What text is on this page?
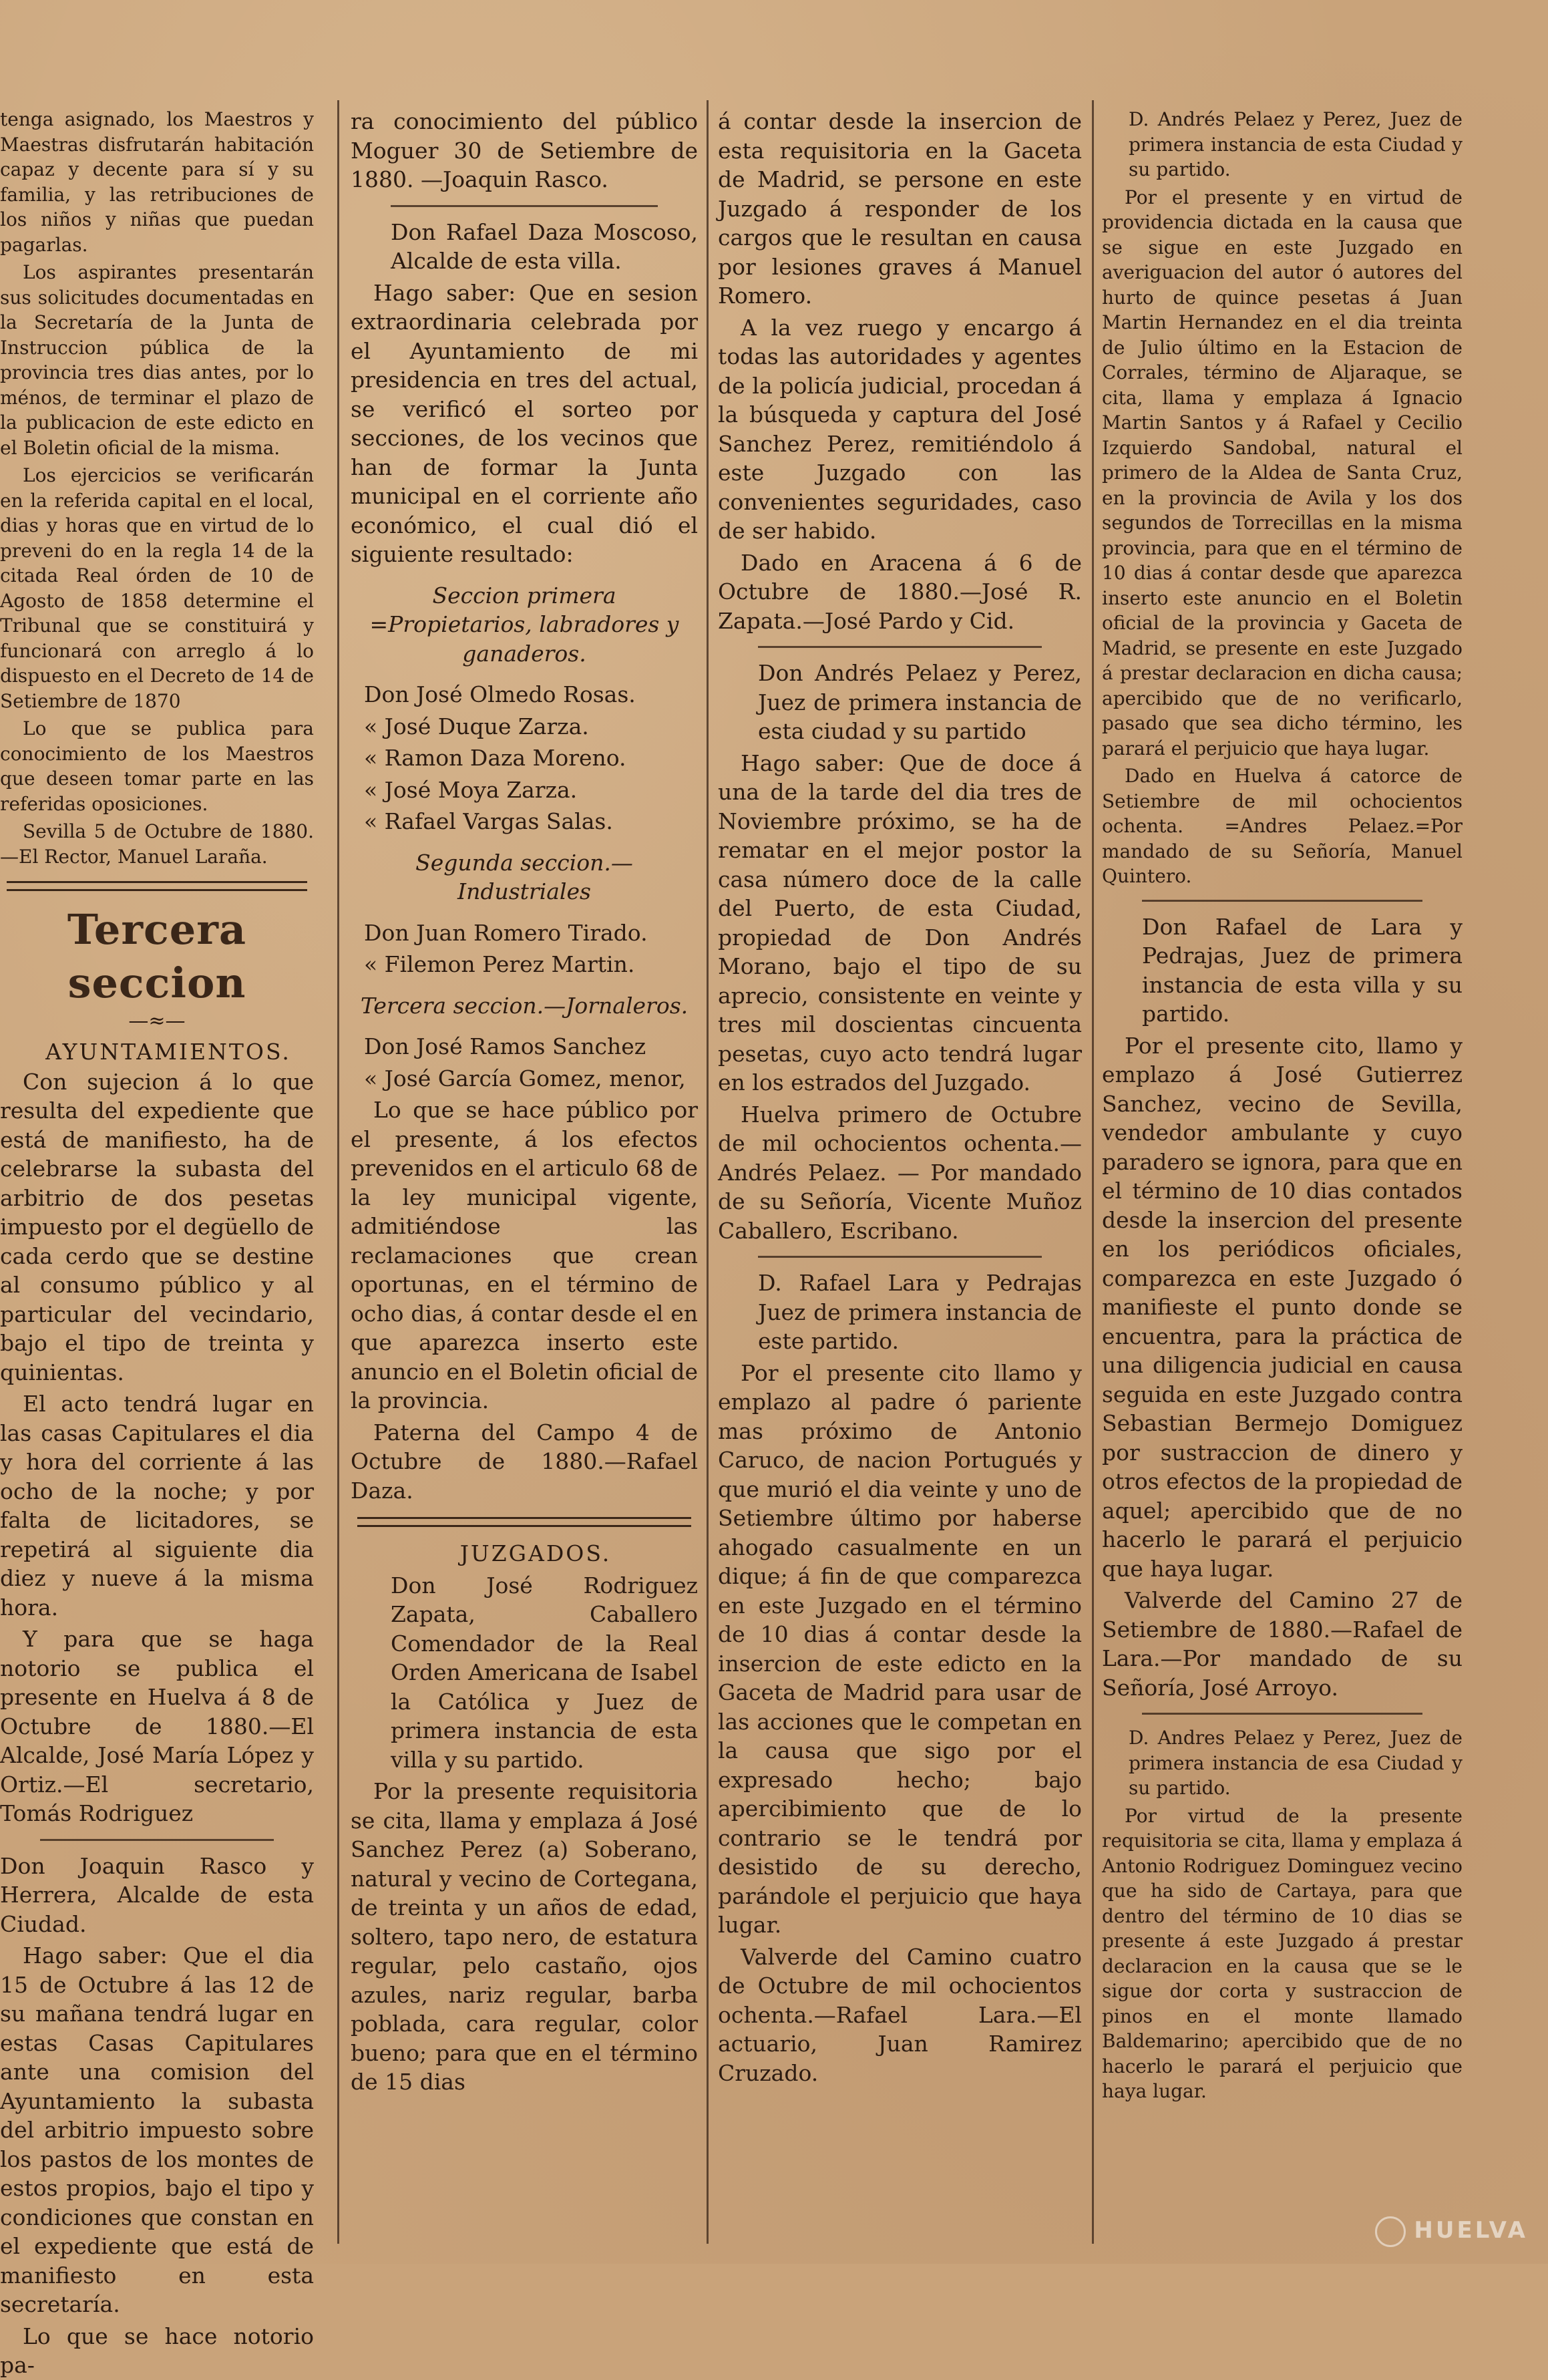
tenga asignado, los Maestros y Maestras disfrutarán habitación capaz y decente para sí y su familia, y las retribuciones de los niños y niñas que puedan pagarlas.

Los aspirantes presentarán sus solicitudes documentadas en la Secretaría de la Junta de Instruccion pública de la provincia tres dias antes, por lo ménos, de terminar el plazo de la publicacion de este edicto en el Boletin oficial de la misma.

Los ejercicios se verificarán en la referida capital en el local, dias y horas que en virtud de lo preveni do en la regla 14 de la citada Real órden de 10 de Agosto de 1858 determine el Tribunal que se constituirá y funcionará con arreglo á lo dispuesto en el Decreto de 14 de Setiembre de 1870

Lo que se publica para conocimiento de los Maestros que deseen tomar parte en las referidas oposiciones.

Sevilla 5 de Octubre de 1880. —El Rector, Manuel Laraña.

Tercera seccion
—≈—

AYUNTAMIENTOS.

Con sujecion á lo que resulta del expediente que está de manifiesto, ha de celebrarse la subasta del arbitrio de dos pesetas impuesto por el degüello de cada cerdo que se destine al consumo público y al particular del vecindario, bajo el tipo de treinta y quinientas.

El acto tendrá lugar en las casas Capitulares el dia y hora del corriente á las ocho de la noche; y por falta de licitadores, se repetirá al siguiente dia diez y nueve á la misma hora.

Y para que se haga notorio se publica el presente en Huelva á 8 de Octubre de 1880.—El Alcalde, José María López y Ortiz.—El secretario, Tomás Rodriguez

Don Joaquin Rasco y Herrera, Alcalde de esta Ciudad.

Hago saber: Que el dia 15 de Octubre á las 12 de su mañana tendrá lugar en estas Casas Capitulares ante una comision del Ayuntamiento la subasta del arbitrio impuesto sobre los pastos de los montes de estos propios, bajo el tipo y condiciones que constan en el expediente que está de manifiesto en esta secretaría.

Lo que se hace notorio pa-

ra conocimiento del público Moguer 30 de Setiembre de 1880. —Joaquin Rasco.

Don Rafael Daza Moscoso, Alcalde de esta villa.

Hago saber: Que en sesion extraordinaria celebrada por el Ayuntamiento de mi presidencia en tres del actual, se verificó el sorteo por secciones, de los vecinos que han de formar la Junta municipal en el corriente año económico, el cual dió el siguiente resultado:

Seccion primera =Propietarios, labradores y ganaderos.

Don José Olmedo Rosas.

« José Duque Zarza.

« Ramon Daza Moreno.

« José Moya Zarza.

« Rafael Vargas Salas.

Segunda seccion.—Industriales

Don Juan Romero Tirado.

« Filemon Perez Martin.

Tercera seccion.—Jornaleros.

Don José Ramos Sanchez

« José García Gomez, menor,

Lo que se hace público por el presente, á los efectos prevenidos en el articulo 68 de la ley municipal vigente, admitiéndose las reclamaciones que crean oportunas, en el término de ocho dias, á contar desde el en que aparezca inserto este anuncio en el Boletin oficial de la provincia.

Paterna del Campo 4 de Octubre de 1880.—Rafael Daza.

JUZGADOS.

Don José Rodriguez Zapata, Caballero Comendador de la Real Orden Americana de Isabel la Católica y Juez de primera instancia de esta villa y su partido.

Por la presente requisitoria se cita, llama y emplaza á José Sanchez Perez (a) Soberano, natural y vecino de Cortegana, de treinta y un años de edad, soltero, tapo nero, de estatura regular, pelo castaño, ojos azules, nariz regular, barba poblada, cara regular, color bueno; para que en el término de 15 dias

á contar desde la insercion de esta requisitoria en la Gaceta de Madrid, se persone en este Juzgado á responder de los cargos que le resultan en causa por lesiones graves á Manuel Romero.

A la vez ruego y encargo á todas las autoridades y agentes de la policía judicial, procedan á la búsqueda y captura del José Sanchez Perez, remitiéndolo á este Juzgado con las convenientes seguridades, caso de ser habido.

Dado en Aracena á 6 de Octubre de 1880.—José R. Zapata.—José Pardo y Cid.

Don Andrés Pelaez y Perez, Juez de primera instancia de esta ciudad y su partido

Hago saber: Que de doce á una de la tarde del dia tres de Noviembre próximo, se ha de rematar en el mejor postor la casa número doce de la calle del Puerto, de esta Ciudad, propiedad de Don Andrés Morano, bajo el tipo de su aprecio, consistente en veinte y tres mil doscientas cincuenta pesetas, cuyo acto tendrá lugar en los estrados del Juzgado.

Huelva primero de Octubre de mil ochocientos ochenta.— Andrés Pelaez. — Por mandado de su Señoría, Vicente Muñoz Caballero, Escribano.

D. Rafael Lara y Pedrajas Juez de primera instancia de este partido.

Por el presente cito llamo y emplazo al padre ó pariente mas próximo de Antonio Caruco, de nacion Portugués y que murió el dia veinte y uno de Setiembre último por haberse ahogado casualmente en un dique; á fin de que comparezca en este Juzgado en el término de 10 dias á contar desde la insercion de este edicto en la Gaceta de Madrid para usar de las acciones que le competan en la causa que sigo por el expresado hecho; bajo apercibimiento que de lo contrario se le tendrá por desistido de su derecho, parándole el perjuicio que haya lugar.

Valverde del Camino cuatro de Octubre de mil ochocientos ochenta.—Rafael Lara.—El actuario, Juan Ramirez Cruzado.

D. Andrés Pelaez y Perez, Juez de primera instancia de esta Ciudad y su partido.

Por el presente y en virtud de providencia dictada en la causa que se sigue en este Juzgado en averiguacion del autor ó autores del hurto de quince pesetas á Juan Martin Hernandez en el dia treinta de Julio último en la Estacion de Corrales, término de Aljaraque, se cita, llama y emplaza á Ignacio Martin Santos y á Rafael y Cecilio Izquierdo Sandobal, natural el primero de la Aldea de Santa Cruz, en la provincia de Avila y los dos segundos de Torrecillas en la misma provincia, para que en el término de 10 dias á contar desde que aparezca inserto este anuncio en el Boletin oficial de la provincia y Gaceta de Madrid, se presente en este Juzgado á prestar declaracion en dicha causa; apercibido que de no verificarlo, pasado que sea dicho término, les parará el perjuicio que haya lugar.

Dado en Huelva á catorce de Setiembre de mil ochocientos ochenta. =Andres Pelaez.=Por mandado de su Señoría, Manuel Quintero.

Don Rafael de Lara y Pedrajas, Juez de primera instancia de esta villa y su partido.

Por el presente cito, llamo y emplazo á José Gutierrez Sanchez, vecino de Sevilla, vendedor ambulante y cuyo paradero se ignora, para que en el término de 10 dias contados desde la insercion del presente en los periódicos oficiales, comparezca en este Juzgado ó manifieste el punto donde se encuentra, para la práctica de una diligencia judicial en causa seguida en este Juzgado contra Sebastian Bermejo Domiguez por sustraccion de dinero y otros efectos de la propiedad de aquel; apercibido que de no hacerlo le parará el perjuicio que haya lugar.

Valverde del Camino 27 de Setiembre de 1880.—Rafael de Lara.—Por mandado de su Señoría, José Arroyo.

D. Andres Pelaez y Perez, Juez de primera instancia de esa Ciudad y su partido.

Por virtud de la presente requisitoria se cita, llama y emplaza á Antonio Rodriguez Dominguez vecino que ha sido de Cartaya, para que dentro del término de 10 dias se presente á este Juzgado á prestar declaracion en la causa que se le sigue dor corta y sustraccion de pinos en el monte llamado Baldemarino; apercibido que de no hacerlo le parará el perjuicio que haya lugar.

HUELVA
